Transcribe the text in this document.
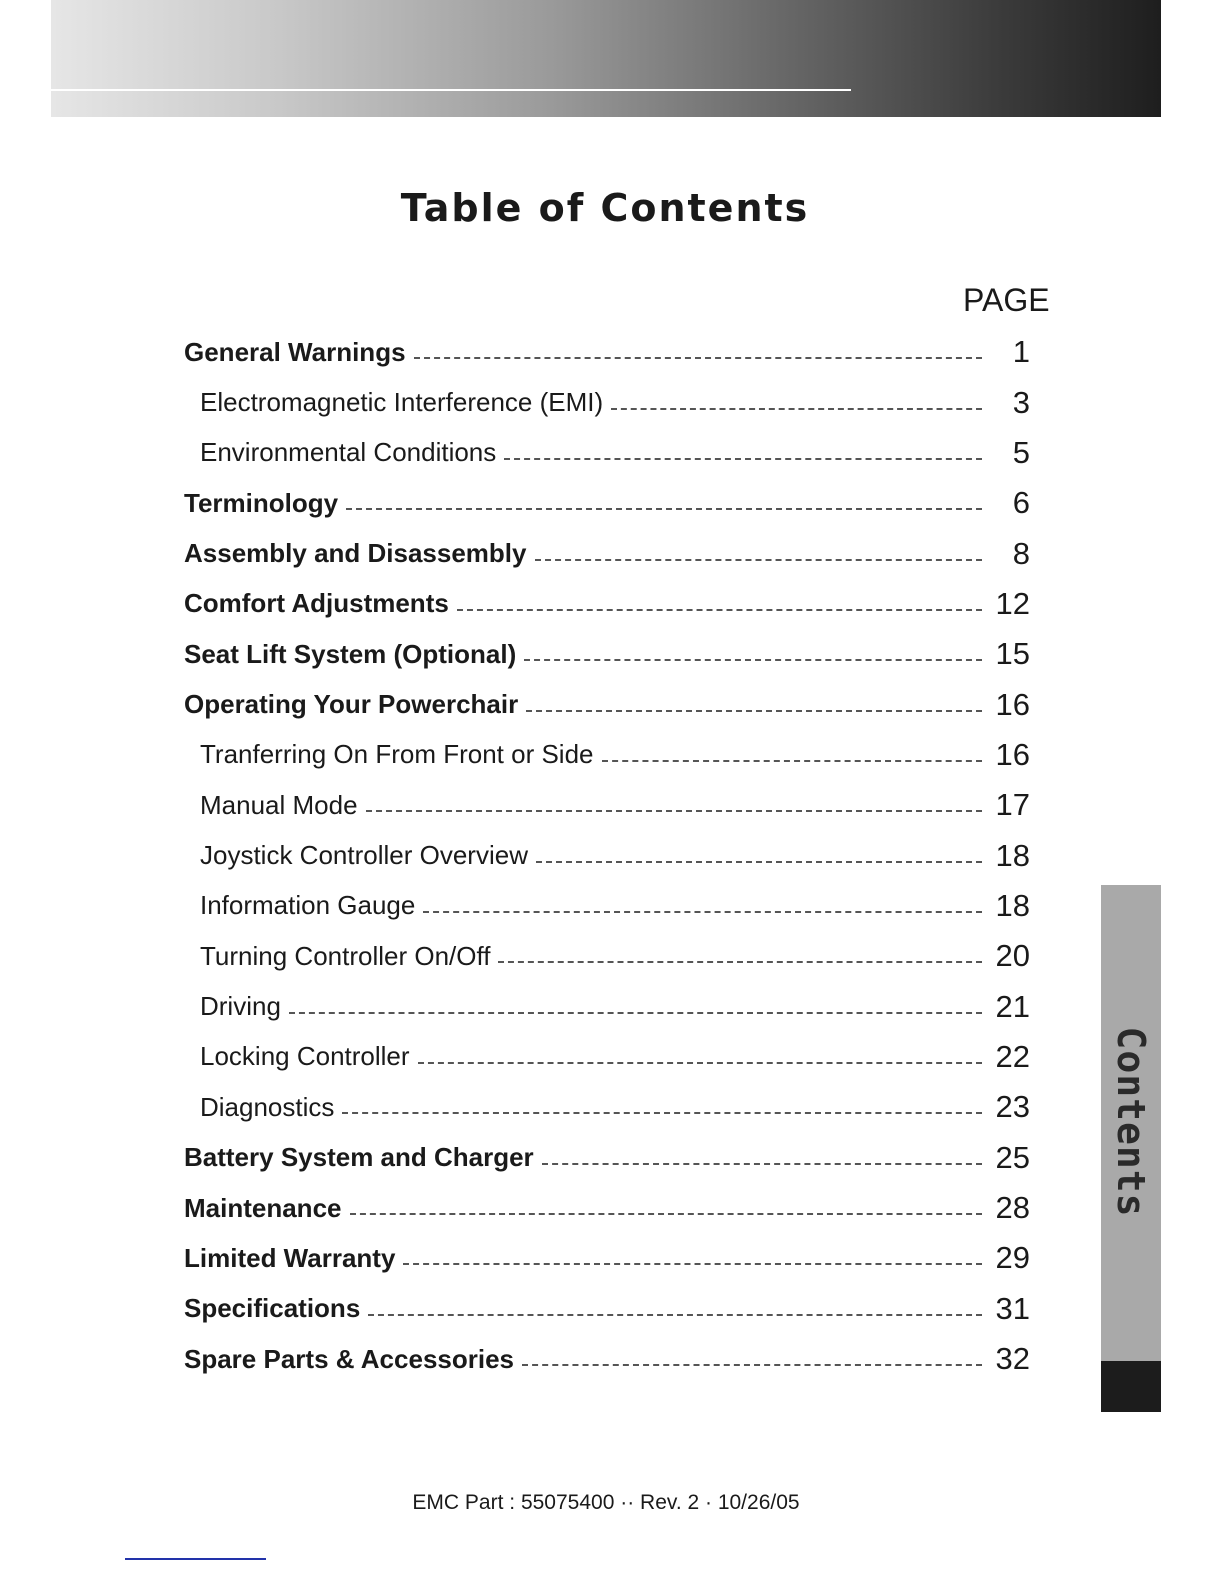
Table of Contents
PAGE
General Warnings	1
Electromagnetic Interference (EMI)	3
Environmental Conditions	5
Terminology	6
Assembly and Disassembly	8
Comfort Adjustments	12
Seat Lift System (Optional)	15
Operating Your Powerchair	16
Tranferring On From Front or Side	16
Manual Mode	17
Joystick Controller Overview	18
Information Gauge	18
Turning Controller On/Off	20
Driving	21
Locking Controller	22
Diagnostics	23
Battery System and Charger	25
Maintenance	28
Limited Warranty	29
Specifications	31
Spare Parts & Accessories	32
Contents
EMC Part : 55075400 ·· Rev. 2 · 10/26/05
